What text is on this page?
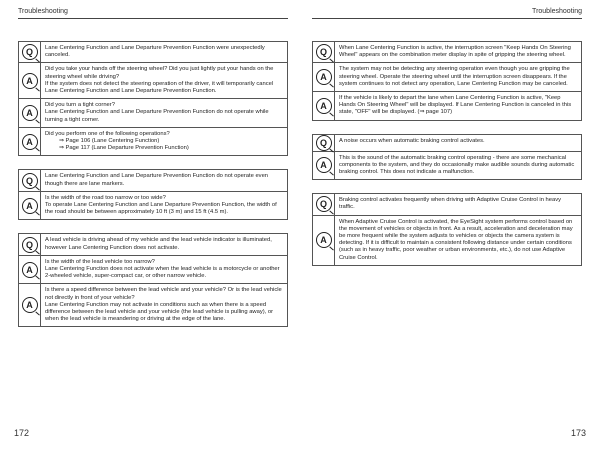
Troubleshooting	Troubleshooting
Q	Lane Centering Function and Lane Departure Prevention Function were unexpectedly canceled.
A
Did you take your hands off the steering wheel? Did you just lightly put your hands on the steering wheel while driving?
If the system does not detect the steering operation of the driver, it will temporarily cancel Lane Centering Function and Lane Departure Prevention Function.
A
Did you turn a tight corner?
Lane Centering Function and Lane Departure Prevention Function do not operate while turning a tight corner.
A
Did you perform one of the following operations?
⇒ Page 106 (Lane Centering Function)
⇒ Page 117 (Lane Departure Prevention Function)
Q	Lane Centering Function and Lane Departure Prevention Function do not operate even though there are lane markers.
A
Is the width of the road too narrow or too wide?
To operate Lane Centering Function and Lane Departure Prevention Function, the width of the road should be between approximately 10 ft (3 m) and 15 ft (4.5 m).
Q	A lead vehicle is driving ahead of my vehicle and the lead vehicle indicator is illuminated, however Lane Centering Function does not activate.
A
Is the width of the lead vehicle too narrow?
Lane Centering Function does not activate when the lead vehicle is a motorcycle or another 2-wheeled vehicle, super-compact car, or other narrow vehicle.
A
Is there a speed difference between the lead vehicle and your vehicle? Or is the lead vehicle not directly in front of your vehicle?
Lane Centering Function may not activate in conditions such as when there is a speed difference between the lead vehicle and your vehicle (the lead vehicle is pulling away), or when the lead vehicle is meandering or driving at the edge of the lane.
Q	When Lane Centering Function is active, the interruption screen "Keep Hands On Steering Wheel" appears on the combination meter display in spite of gripping the steering wheel.
A
The system may not be detecting any steering operation even though you are gripping the steering wheel. Operate the steering wheel until the interruption screen disappears. If the system continues to not detect any operation, Lane Centering Function may be canceled.
A
If the vehicle is likely to depart the lane when Lane Centering Function is active, "Keep Hands On Steering Wheel" will be displayed. If Lane Centering Function is canceled in this state, "OFF" will be displayed. (⇒ page 107)
Q	A noise occurs when automatic braking control activates.
A
This is the sound of the automatic braking control operating - there are some mechanical components to the system, and they do occasionally make audible sounds during automatic braking control. This does not indicate a malfunction.
Q	Braking control activates frequently when driving with Adaptive Cruise Control in heavy traffic.
A
When Adaptive Cruise Control is activated, the EyeSight system performs control based on the movement of vehicles or objects in front. As a result, acceleration and deceleration may be more frequent while the system adjusts to vehicles or objects the camera system is detecting. If it is difficult to maintain a consistent following distance under certain conditions (such as in heavy traffic, poor weather or urban environments, etc.), do not use Adaptive Cruise Control.
172	173
